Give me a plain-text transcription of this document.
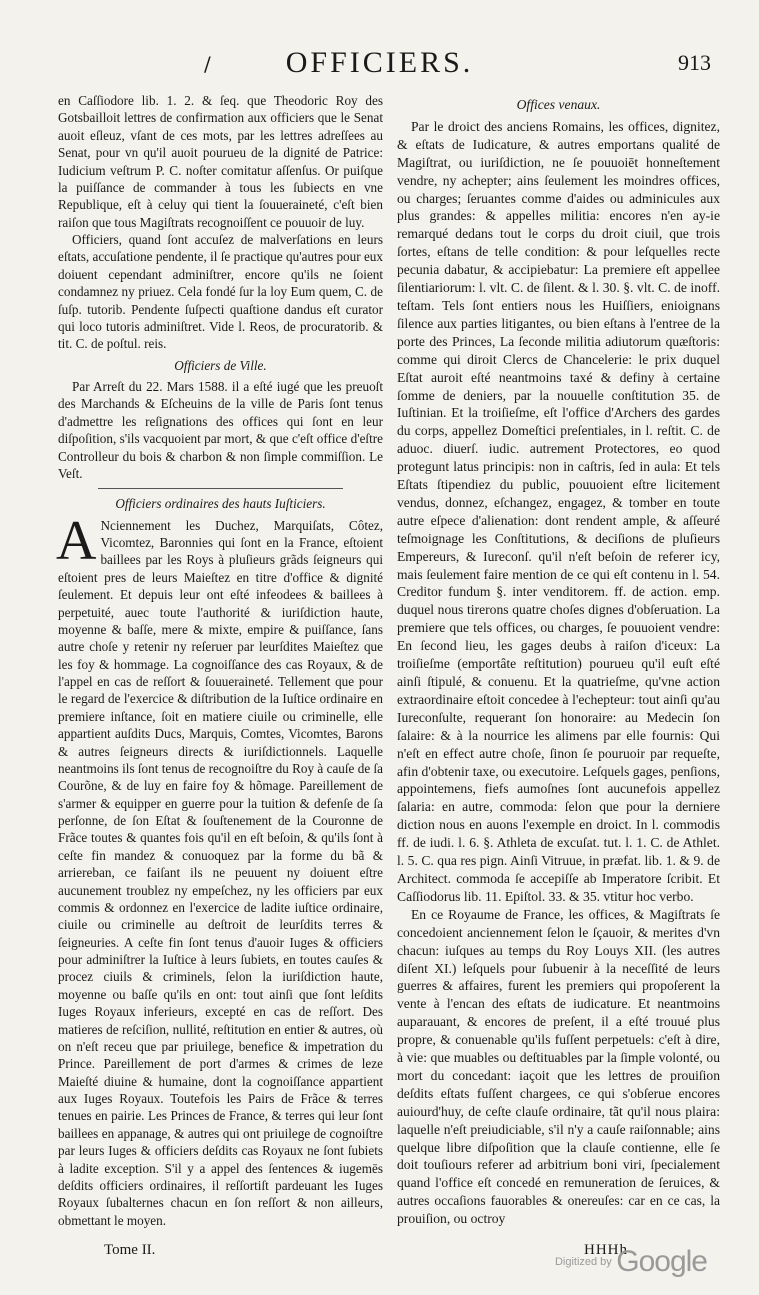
/	OFFICIERS.	913

en Caſſiodore lib. 1. 2. & ſeq. que Theodoric Roy des Gotsbailloit lettres de confirmation aux officiers que le Senat auoit eſleuz, vſant de ces mots, par les lettres adreſſees au Senat, pour vn qu'il auoit pourueu de la dignité de Patrice: Iudicium veſtrum P. C. noſter comitatur aſſenſus. Or puiſque la puiſſance de commander à tous les ſubiects en vne Republique, eſt à celuy qui tient la ſouueraineté, c'eſt bien raiſon que tous Magiſtrats recognoiſſent ce pouuoir de luy.

Officiers, quand ſont accuſez de malverſations en leurs eſtats, accuſatione pendente, il ſe practique qu'autres pour eux doiuent cependant adminiſtrer, encore qu'ils ne ſoient condamnez ny priuez. Cela fondé ſur la loy Eum quem, C. de ſuſp. tutorib. Pendente ſuſpecti quaſtione dandus eſt curator qui loco tutoris adminiſtret. Vide l. Reos, de procuratorib. & tit. C. de poſtul. reis.

Officiers de Ville.

Par Arreſt du 22. Mars 1588. il a eſté iugé que les preuoſt des Marchands & Eſcheuins de la ville de Paris ſont tenus d'admettre les reſignations des offices qui ſont en leur diſpoſition, s'ils vacquoient par mort, & que c'eſt office d'eſtre Controlleur du bois & charbon & non ſimple commiſſion. Le Veſt.

Officiers ordinaires des hauts Iuſticiers.

A Nciennement les Duchez, Marquiſats, Côtez, Vicomtez, Baronnies qui ſont en la France, eſtoient baillees par les Roys à pluſieurs grãds ſeigneurs qui eſtoient pres de leurs Maieſtez en titre d'office & dignité ſeulement. Et depuis leur ont eſté infeodees & baillees à perpetuité, auec toute l'authorité & iuriſdiction haute, moyenne & baſſe, mere & mixte, empire & puiſſance, ſans autre choſe y retenir ny reſeruer par leurſdites Maieſtez que les foy & hommage. La cognoiſſance des cas Royaux, & de l'appel en cas de reſſort & ſouueraineté. Tellement que pour le regard de l'exercice & diſtribution de la Iuſtice ordinaire en premiere inſtance, ſoit en matiere ciuile ou criminelle, elle appartient auſdits Ducs, Marquis, Comtes, Vicomtes, Barons & autres ſeigneurs directs & iuriſdictionnels. Laquelle neantmoins ils ſont tenus de recognoiſtre du Roy à cauſe de ſa Courõne, & de luy en faire foy & hõmage. Pareillement de s'armer & equipper en guerre pour la tuition & defenſe de ſa perſonne, de ſon Eſtat & ſouſtenement de la Couronne de Frãce toutes & quantes fois qu'il en eſt beſoin, & qu'ils ſont à ceſte fin mandez & conuoquez par la forme du bã & arriereban, ce faiſant ils ne peuuent ny doiuent eſtre aucunement troublez ny empeſchez, ny les officiers par eux commis & ordonnez en l'exercice de ladite iuſtice ordinaire, ciuile ou criminelle au deſtroit de leurſdits terres & ſeigneuries. A ceſte fin ſont tenus d'auoir Iuges & officiers pour adminiſtrer la Iuſtice à leurs ſubiets, en toutes cauſes & procez ciuils & criminels, ſelon la iuriſdiction haute, moyenne ou baſſe qu'ils en ont: tout ainſi que ſont leſdits Iuges Royaux inferieurs, excepté en cas de reſſort. Des matieres de reſciſion, nullité, reſtitution en entier & autres, où on n'eſt receu que par priuilege, benefice & impetration du Prince. Pareillement de port d'armes & crimes de leze Maieſté diuine & humaine, dont la cognoiſſance appartient aux Iuges Royaux. Toutefois les Pairs de Frãce & terres tenues en pairie. Les Princes de France, & terres qui leur ſont baillees en appanage, & autres qui ont priuilege de cognoiſtre par leurs Iuges & officiers deſdits cas Royaux ne ſont ſubiets à ladite exception. S'il y a appel des ſentences & iugemēs deſdits officiers ordinaires, il reſſortiſt pardeuant les Iuges Royaux ſubalternes chacun en ſon reſſort & non ailleurs, obmettant le moyen.

Offices venaux.

Par le droict des anciens Romains, les offices, dignitez, & eſtats de Iudicature, & autres emportans qualité de Magiſtrat, ou iuriſdiction, ne ſe pouuoiēt honneſtement vendre, ny achepter; ains ſeulement les moindres offices, ou charges; ſeruantes comme d'aides ou adminicules aux plus grandes: & appelles militia: encores n'en ay-ie remarqué dedans tout le corps du droit ciuil, que trois ſortes, eſtans de telle condition: & pour leſquelles recte pecunia dabatur, & accipiebatur: La premiere eſt appellee ſilentiariorum: l. vlt. C. de ſilent. & l. 30. §. vlt. C. de inoff. teſtam. Tels ſont entiers nous les Huiſſiers, enioignans ſilence aux parties litigantes, ou bien eſtans à l'entree de la porte des Princes, La ſeconde militia adiutorum quæſtoris: comme qui diroit Clercs de Chancelerie: le prix duquel Eſtat auroit eſté neantmoins taxé & definy à certaine ſomme de deniers, par la nouuelle conſtitution 35. de Iuſtinian. Et la troiſieſme, eſt l'office d'Archers des gardes du corps, appellez Domeſtici preſentiales, in l. reſtit. C. de aduoc. diuerſ. iudic. autrement Protectores, eo quod protegunt latus principis: non in caſtris, ſed in aula: Et tels Eſtats ſtipendiez du public, pouuoient eſtre licitement vendus, donnez, eſchangez, engagez, & tomber en toute autre eſpece d'alienation: dont rendent ample, & aſſeuré teſmoignage les Conſtitutions, & deciſions de pluſieurs Empereurs, & Iureconſ. qu'il n'eſt beſoin de referer icy, mais ſeulement faire mention de ce qui eſt contenu in l. 54. Creditor fundum §. inter venditorem. ff. de action. emp. duquel nous tirerons quatre choſes dignes d'obſeruation. La premiere que tels offices, ou charges, ſe pouuoient vendre: En ſecond lieu, les gages deubs à raiſon d'iceux: La troiſieſme (emportâte reſtitution) pourueu qu'il euſt eſté ainſi ſtipulé, & conuenu. Et la quatrieſme, qu'vne action extraordinaire eſtoit concedee à l'echepteur: tout ainſi qu'au Iureconſulte, requerant ſon honoraire: au Medecin ſon ſalaire: & à la nourrice les alimens par elle fournis: Qui n'eſt en effect autre choſe, ſinon ſe pouruoir par requeſte, afin d'obtenir taxe, ou executoire. Leſquels gages, penſions, appointemens, fiefs aumoſnes ſont aucunefois appellez ſalaria: en autre, commoda: ſelon que pour la derniere diction nous en auons l'exemple en droict. In l. commodis ff. de iudi. l. 6. §. Athleta de excuſat. tut. l. 1. C. de Athlet. l. 5. C. qua res pign. Ainſi Vitruue, in præfat. lib. 1. & 9. de Architect. commoda ſe accepiſſe ab Imperatore ſcribit. Et Caſſiodorus lib. 11. Epiſtol. 33. & 35. vtitur hoc verbo.

En ce Royaume de France, les offices, & Magiſtrats ſe concedoient anciennement ſelon le ſçauoir, & merites d'vn chacun: iuſques au temps du Roy Louys XII. (les autres diſent XI.) leſquels pour ſubuenir à la neceſſité de leurs guerres & affaires, furent les premiers qui propoſerent la vente à l'encan des eſtats de iudicature. Et neantmoins auparauant, & encores de preſent, il a eſté trouué plus propre, & conuenable qu'ils fuſſent perpetuels: c'eſt à dire, à vie: que muables ou deſtituables par la ſimple volonté, ou mort du concedant: iaçoit que les lettres de prouiſion deſdits eſtats fuſſent chargees, ce qui s'obſerue encores auiourd'huy, de ceſte clauſe ordinaire, tãt qu'il nous plaira: laquelle n'eſt preiudiciable, s'il n'y a cauſe raiſonnable; ains quelque libre diſpoſition que la clauſe contienne, elle ſe doit touſiours referer ad arbitrium boni viri, ſpecialement quand l'office eſt concedé en remuneration de ſeruices, & autres occaſions fauorables & onereuſes: car en ce cas, la prouiſion, ou octroy

Tome II.	HHHh
Digitized by Google
